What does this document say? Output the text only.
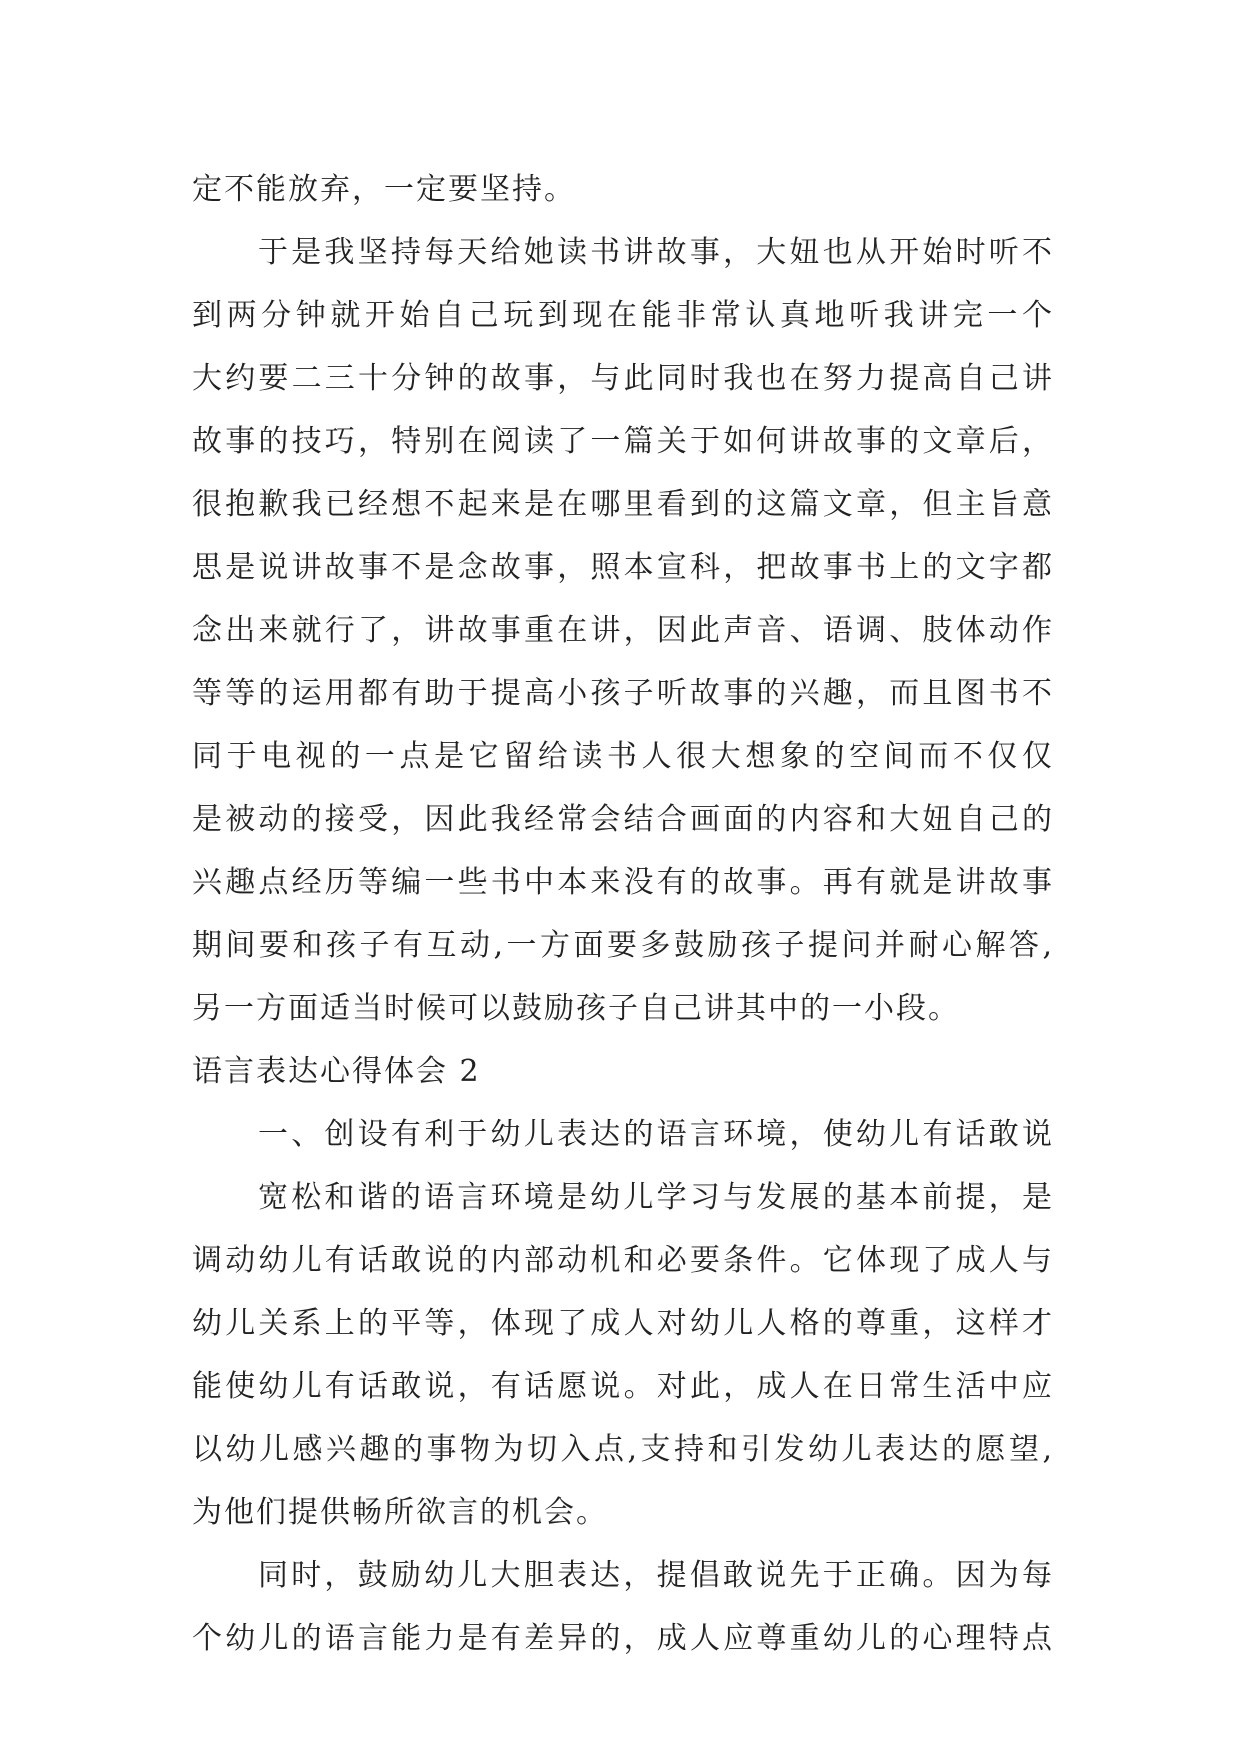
定不能放弃，一定要坚持。
于是我坚持每天给她读书讲故事，大妞也从开始时听不
到两分钟就开始自己玩到现在能非常认真地听我讲完一个
大约要二三十分钟的故事，与此同时我也在努力提高自己讲
故事的技巧，特别在阅读了一篇关于如何讲故事的文章后，
很抱歉我已经想不起来是在哪里看到的这篇文章，但主旨意
思是说讲故事不是念故事，照本宣科，把故事书上的文字都
念出来就行了，讲故事重在讲，因此声音、语调、肢体动作
等等的运用都有助于提高小孩子听故事的兴趣，而且图书不
同于电视的一点是它留给读书人很大想象的空间而不仅仅
是被动的接受，因此我经常会结合画面的内容和大妞自己的
兴趣点经历等编一些书中本来没有的故事。再有就是讲故事
期间要和孩子有互动,一方面要多鼓励孩子提问并耐心解答,
另一方面适当时候可以鼓励孩子自己讲其中的一小段。
语言表达心得体会 2
一、创设有利于幼儿表达的语言环境，使幼儿有话敢说
宽松和谐的语言环境是幼儿学习与发展的基本前提，是
调动幼儿有话敢说的内部动机和必要条件。它体现了成人与
幼儿关系上的平等，体现了成人对幼儿人格的尊重，这样才
能使幼儿有话敢说，有话愿说。对此，成人在日常生活中应
以幼儿感兴趣的事物为切入点,支持和引发幼儿表达的愿望,
为他们提供畅所欲言的机会。
同时，鼓励幼儿大胆表达，提倡敢说先于正确。因为每
个幼儿的语言能力是有差异的，成人应尊重幼儿的心理特点
